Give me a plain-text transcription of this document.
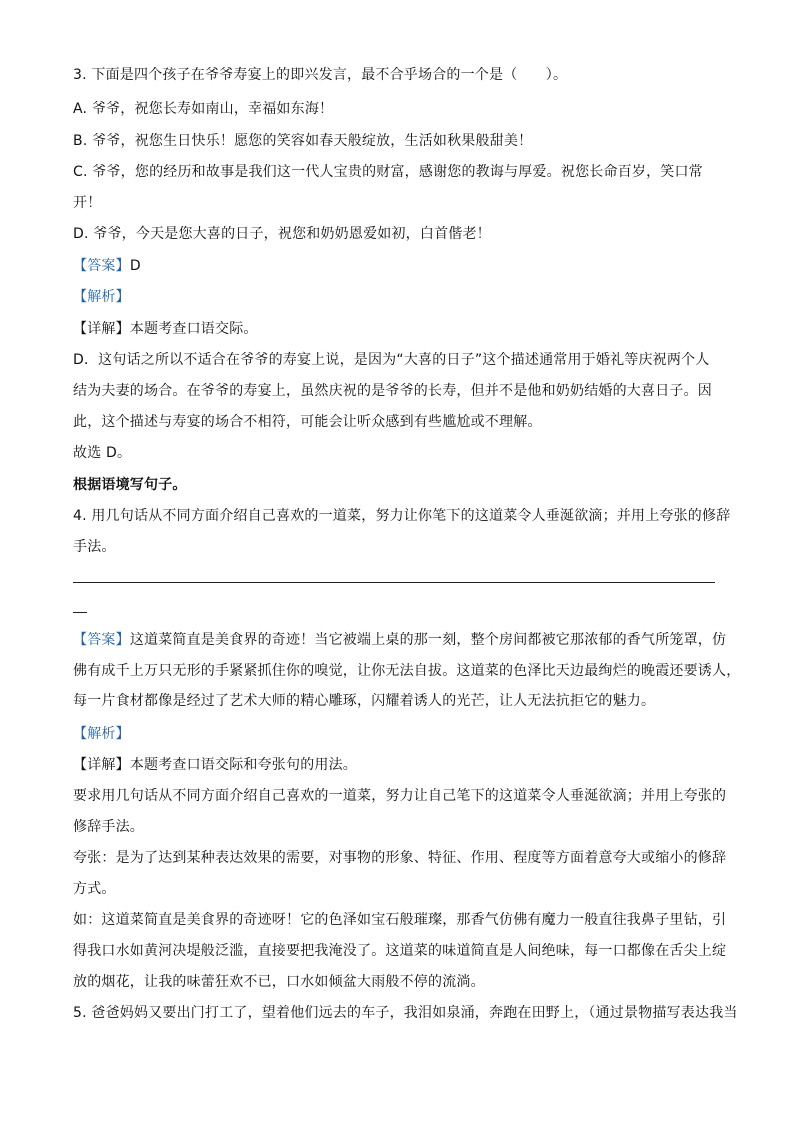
3. 下面是四个孩子在爷爷寿宴上的即兴发言，最不合乎场合的一个是（　　）。
A. 爷爷，祝您长寿如南山，幸福如东海！
B. 爷爷，祝您生日快乐！愿您的笑容如春天般绽放，生活如秋果般甜美！
C. 爷爷，您的经历和故事是我们这一代人宝贵的财富，感谢您的教诲与厚爱。祝您长命百岁，笑口常
开！
D. 爷爷，今天是您大喜的日子，祝您和奶奶恩爱如初，白首偕老！
【答案】D
【解析】
【详解】本题考查口语交际。
D．这句话之所以不适合在爷爷的寿宴上说，是因为“大喜的日子”这个描述通常用于婚礼等庆祝两个人
结为夫妻的场合。在爷爷的寿宴上，虽然庆祝的是爷爷的长寿，但并不是他和奶奶结婚的大喜日子。因
此，这个描述与寿宴的场合不相符，可能会让听众感到有些尴尬或不理解。
故选 D。
根据语境写句子。
4. 用几句话从不同方面介绍自己喜欢的一道菜，努力让你笔下的这道菜令人垂涎欲滴；并用上夸张的修辞
手法。
【答案】这道菜简直是美食界的奇迹！当它被端上桌的那一刻，整个房间都被它那浓郁的香气所笼罩，仿
佛有成千上万只无形的手紧紧抓住你的嗅觉，让你无法自拔。这道菜的色泽比天边最绚烂的晚霞还要诱人，
每一片食材都像是经过了艺术大师的精心雕琢，闪耀着诱人的光芒，让人无法抗拒它的魅力。
【解析】
【详解】本题考查口语交际和夸张句的用法。
要求用几句话从不同方面介绍自己喜欢的一道菜，努力让自己笔下的这道菜令人垂涎欲滴；并用上夸张的
修辞手法。
夸张：是为了达到某种表达效果的需要，对事物的形象、特征、作用、程度等方面着意夸大或缩小的修辞
方式。
如：这道菜简直是美食界的奇迹呀！它的色泽如宝石般璀璨，那香气仿佛有魔力一般直往我鼻子里钻，引
得我口水如黄河决堤般泛滥，直接要把我淹没了。这道菜的味道简直是人间绝味，每一口都像在舌尖上绽
放的烟花，让我的味蕾狂欢不已，口水如倾盆大雨般不停的流淌。
5. 爸爸妈妈又要出门打工了，望着他们远去的车子，我泪如泉涌，奔跑在田野上，（通过景物描写表达我当
